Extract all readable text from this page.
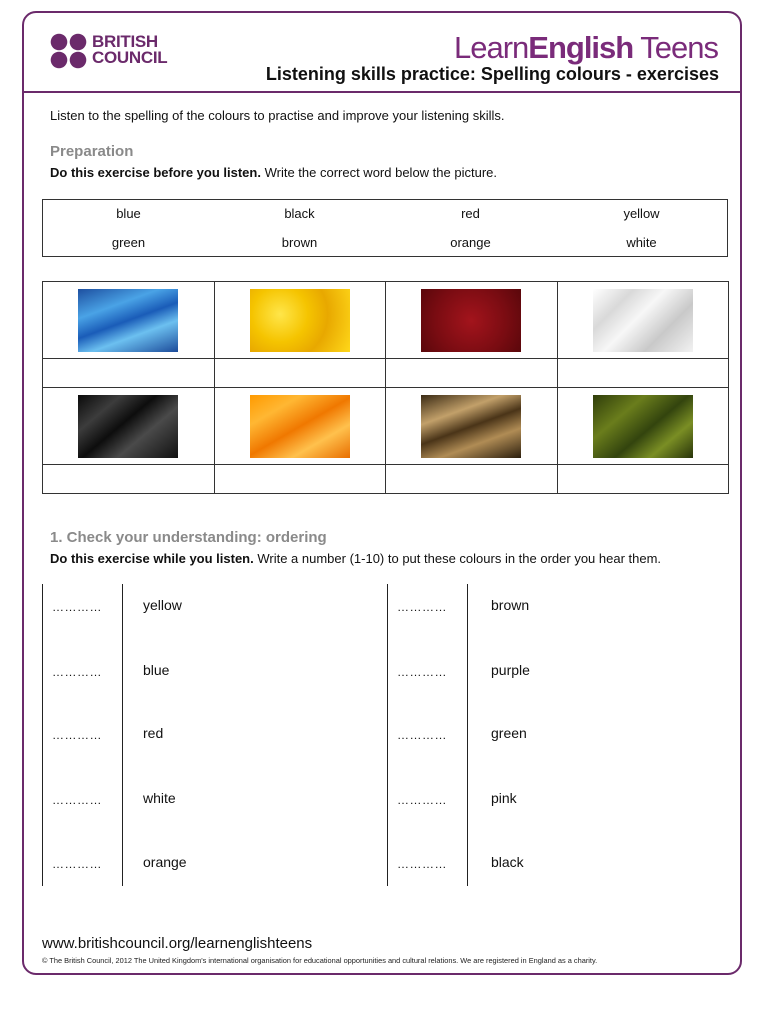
BRITISH
COUNCIL	LearnEnglish Teens
Listening skills practice: Spelling colours - exercises
Listen to the spelling of the colours to practise and improve your listening skills.
Preparation
Do this exercise before you listen. Write the correct word below the picture.
blue	black	red	yellow
green	brown	orange	white

1. Check your understanding: ordering
Do this exercise while you listen. Write a number (1-10) to put these colours in the order you hear them.
…………	yellow
…………	blue
…………	red
…………	white
…………	orange
…………	brown
…………	purple
…………	green
…………	pink
…………	black
www.britishcouncil.org/learnenglishteens
© The British Council, 2012 The United Kingdom's international organisation for educational opportunities and cultural relations. We are registered in England as a charity.
